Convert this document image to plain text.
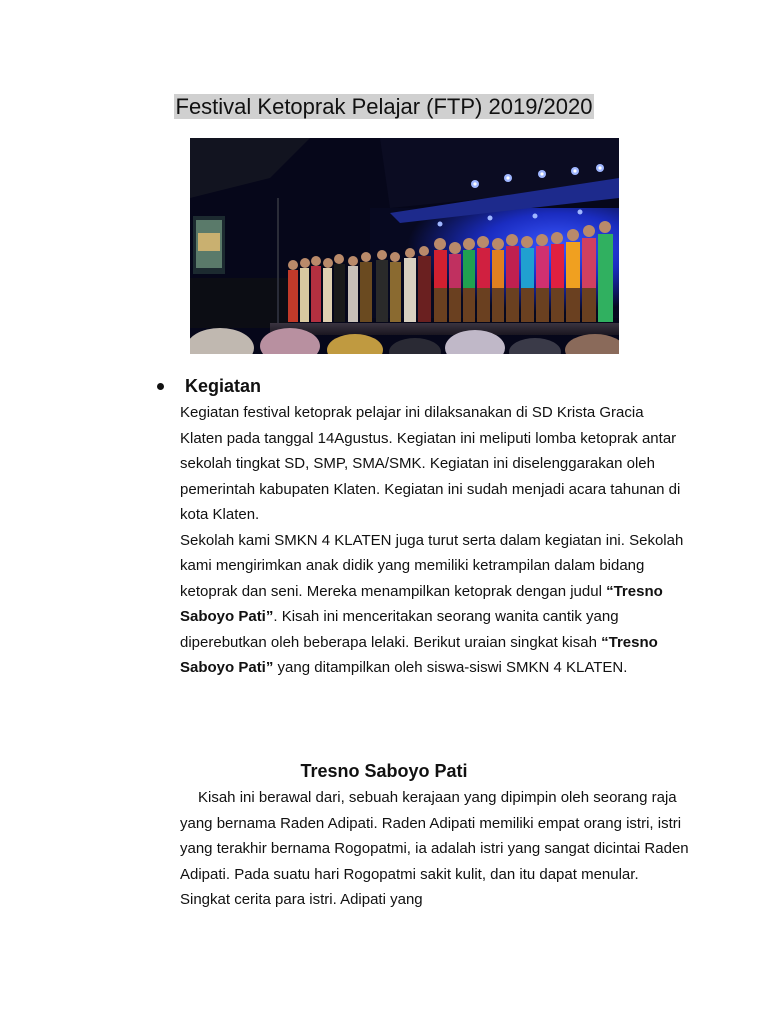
Festival Ketoprak Pelajar (FTP) 2019/2020
Kegiatan

Kegiatan festival ketoprak pelajar ini dilaksanakan di SD Krista Gracia Klaten pada tanggal 14Agustus. Kegiatan ini meliputi lomba ketoprak antar sekolah tingkat SD, SMP, SMA/SMK. Kegiatan ini diselenggarakan oleh pemerintah kabupaten Klaten. Kegiatan ini sudah menjadi acara tahunan di kota Klaten.

Sekolah kami SMKN 4 KLATEN juga turut serta dalam kegiatan ini. Sekolah kami mengirimkan anak didik yang memiliki ketrampilan dalam bidang ketoprak dan seni. Mereka menampilkan ketoprak dengan judul “Tresno Saboyo Pati”. Kisah ini menceritakan seorang wanita cantik yang diperebutkan oleh beberapa lelaki. Berikut uraian singkat kisah “Tresno Saboyo Pati” yang ditampilkan oleh siswa-siswi SMKN 4 KLATEN.

Tresno Saboyo Pati

Kisah ini berawal dari, sebuah kerajaan yang dipimpin oleh seorang raja yang bernama Raden Adipati. Raden Adipati memiliki empat orang istri, istri yang terakhir bernama Rogopatmi, ia adalah istri yang sangat dicintai Raden Adipati. Pada suatu hari Rogopatmi sakit kulit, dan itu dapat menular. Singkat cerita para istri. Adipati yang
